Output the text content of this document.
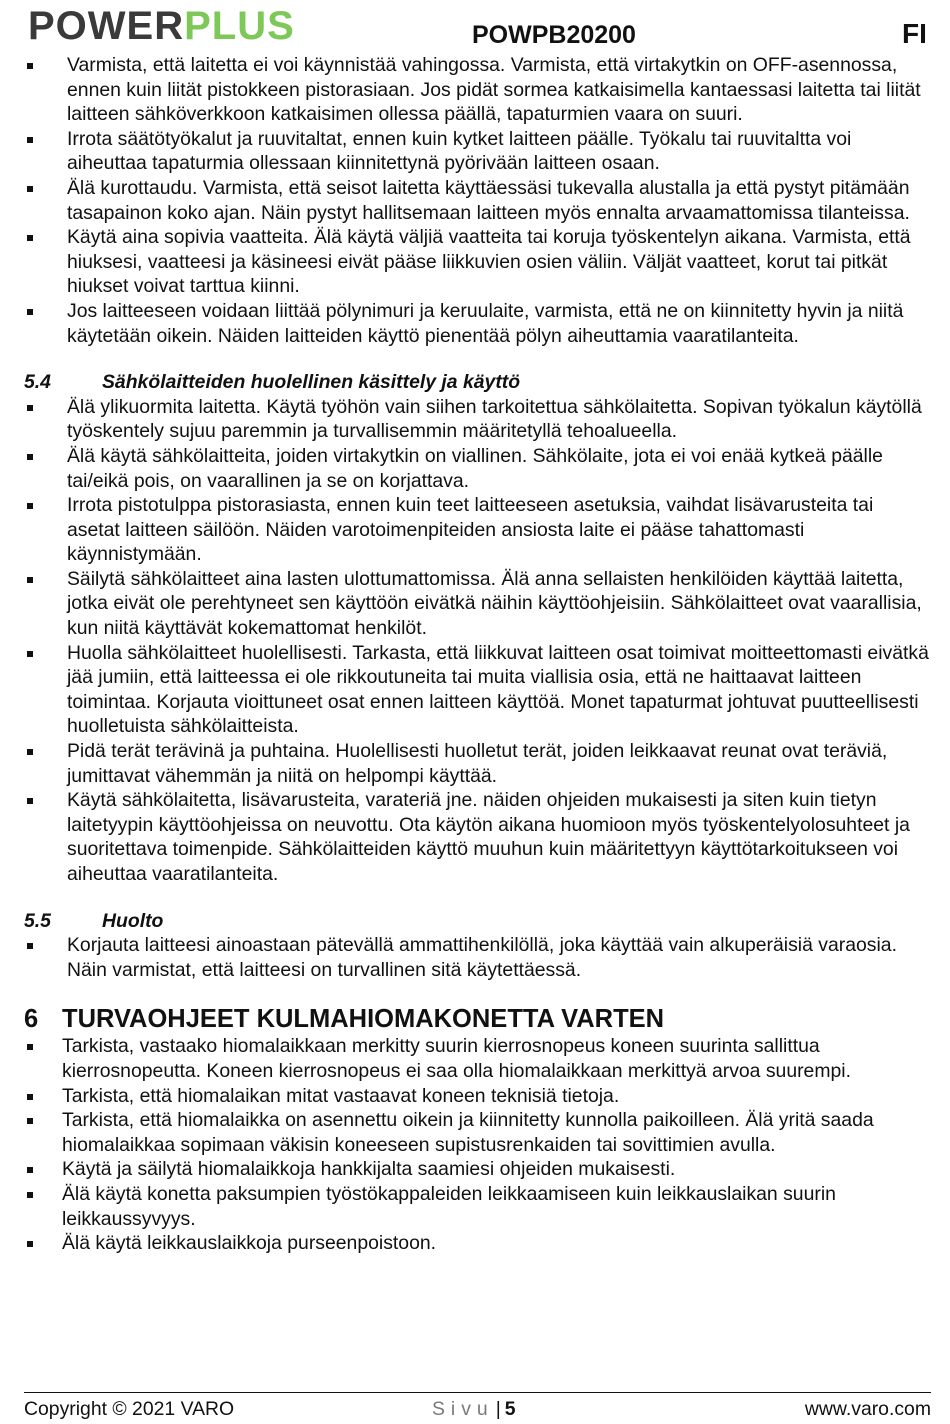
POWERPLUS	POWPB20200	FI
Varmista, että laitetta ei voi käynnistää vahingossa. Varmista, että virtakytkin on OFF-asennossa, ennen kuin liität pistokkeen pistorasiaan. Jos pidät sormea katkaisimella kantaessasi laitetta tai liität laitteen sähköverkkoon katkaisimen ollessa päällä, tapaturmien vaara on suuri.
Irrota säätötyökalut ja ruuvitaltat, ennen kuin kytket laitteen päälle. Työkalu tai ruuvitaltta voi aiheuttaa tapaturmia ollessaan kiinnitettynä pyörivään laitteen osaan.
Älä kurottaudu. Varmista, että seisot laitetta käyttäessäsi tukevalla alustalla ja että pystyt pitämään tasapainon koko ajan. Näin pystyt hallitsemaan laitteen myös ennalta arvaamattomissa tilanteissa.
Käytä aina sopivia vaatteita. Älä käytä väljiä vaatteita tai koruja työskentelyn aikana. Varmista, että hiuksesi, vaatteesi ja käsineesi eivät pääse liikkuvien osien väliin. Väljät vaatteet, korut tai pitkät hiukset voivat tarttua kiinni.
Jos laitteeseen voidaan liittää pölynimuri ja keruulaite, varmista, että ne on kiinnitetty hyvin ja niitä käytetään oikein. Näiden laitteiden käyttö pienentää pölyn aiheuttamia vaaratilanteita.
5.4	Sähkölaitteiden huolellinen käsittely ja käyttö
Älä ylikuormita laitetta. Käytä työhön vain siihen tarkoitettua sähkölaitetta. Sopivan työkalun käytöllä työskentely sujuu paremmin ja turvallisemmin määritetyllä tehoalueella.
Älä käytä sähkölaitteita, joiden virtakytkin on viallinen. Sähkölaite, jota ei voi enää kytkeä päälle tai/eikä pois, on vaarallinen ja se on korjattava.
Irrota pistotulppa pistorasiasta, ennen kuin teet laitteeseen asetuksia, vaihdat lisävarusteita tai asetat laitteen säilöön. Näiden varotoimenpiteiden ansiosta laite ei pääse tahattomasti käynnistymään.
Säilytä sähkölaitteet aina lasten ulottumattomissa. Älä anna sellaisten henkilöiden käyttää laitetta, jotka eivät ole perehtyneet sen käyttöön eivätkä näihin käyttöohjeisiin. Sähkölaitteet ovat vaarallisia, kun niitä käyttävät kokemattomat henkilöt.
Huolla sähkölaitteet huolellisesti. Tarkasta, että liikkuvat laitteen osat toimivat moitteettomasti eivätkä jää jumiin, että laitteessa ei ole rikkoutuneita tai muita viallisia osia, että ne haittaavat laitteen toimintaa. Korjauta vioittuneet osat ennen laitteen käyttöä. Monet tapaturmat johtuvat puutteellisesti huolletuista sähkölaitteista.
Pidä terät terävinä ja puhtaina. Huolellisesti huolletut terät, joiden leikkaavat reunat ovat teräviä, jumittavat vähemmän ja niitä on helpompi käyttää.
Käytä sähkölaitetta, lisävarusteita, varateriä jne. näiden ohjeiden mukaisesti ja siten kuin tietyn laitetyypin käyttöohjeissa on neuvottu. Ota käytön aikana huomioon myös työskentelyolosuhteet ja suoritettava toimenpide. Sähkölaitteiden käyttö muuhun kuin määritettyyn käyttötarkoitukseen voi aiheuttaa vaaratilanteita.
5.5	Huolto
Korjauta laitteesi ainoastaan pätevällä ammattihenkilöllä, joka käyttää vain alkuperäisiä varaosia. Näin varmistat, että laitteesi on turvallinen sitä käytettäessä.
6 TURVAOHJEET KULMAHIOMAKONETTA VARTEN
Tarkista, vastaako hiomalaikkaan merkitty suurin kierrosnopeus koneen suurinta sallittua kierrosnopeutta. Koneen kierrosnopeus ei saa olla hiomalaikkaan merkittyä arvoa suurempi.
Tarkista, että hiomalaikan mitat vastaavat koneen teknisiä tietoja.
Tarkista, että hiomalaikka on asennettu oikein ja kiinnitetty kunnolla paikoilleen. Älä yritä saada hiomalaikkaa sopimaan väkisin koneeseen supistusrenkaiden tai sovittimien avulla.
Käytä ja säilytä hiomalaikkoja hankkijalta saamiesi ohjeiden mukaisesti.
Älä käytä konetta paksumpien työstökappaleiden leikkaamiseen kuin leikkauslaikan suurin leikkaussyvyys.
Älä käytä leikkauslaikkoja purseenpoistoon.
Copyright © 2021 VARO	Sivu | 5	www.varo.com
